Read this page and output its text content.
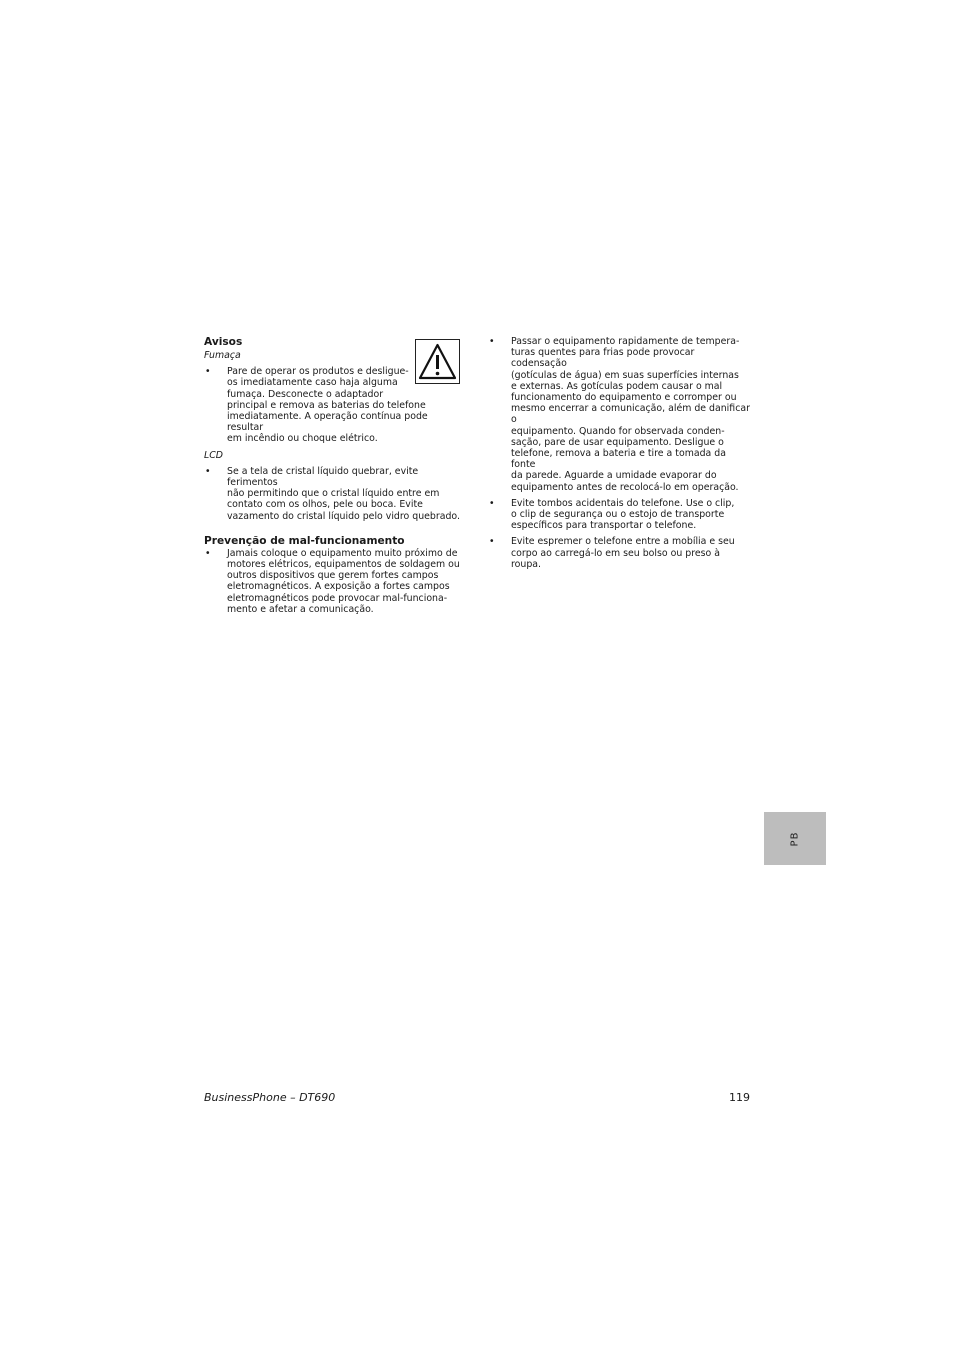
Avisos

Fumaça
• Pare de operar os produtos e desligue-
os imediatamente caso haja alguma
fumaça. Desconecte o adaptador
principal e remova as baterias do telefone
imediatamente. A operação contínua pode resultar
em incêndio ou choque elétrico.
LCD
• Se a tela de cristal líquido quebrar, evite ferimentos
não permitindo que o cristal líquido entre em
contato com os olhos, pele ou boca. Evite
vazamento do cristal líquido pelo vidro quebrado.

Prevenção de mal-funcionamento

• Jamais coloque o equipamento muito próximo de
motores elétricos, equipamentos de soldagem ou
outros dispositivos que gerem fortes campos
eletromagnéticos. A exposição a fortes campos
eletromagnéticos pode provocar mal-funciona-
mento e afetar a comunicação.
• Passar o equipamento rapidamente de tempera-
turas quentes para frias pode provocar codensação
(gotículas de água) em suas superfícies internas
e externas. As gotículas podem causar o mal
funcionamento do equipamento e corromper ou
mesmo encerrar a comunicação, além de danificar o
equipamento. Quando for observada conden-
sação, pare de usar equipamento. Desligue o
telefone, remova a bateria e tire a tomada da fonte
da parede. Aguarde a umidade evaporar do
equipamento antes de recolocá-lo em operação.
• Evite tombos acidentais do telefone. Use o clip,
o clip de segurança ou o estojo de transporte
específicos para transportar o telefone.
• Evite espremer o telefone entre a mobília e seu
corpo ao carregá-lo em seu bolso ou preso à roupa.
PB
BusinessPhone – DT690	119
